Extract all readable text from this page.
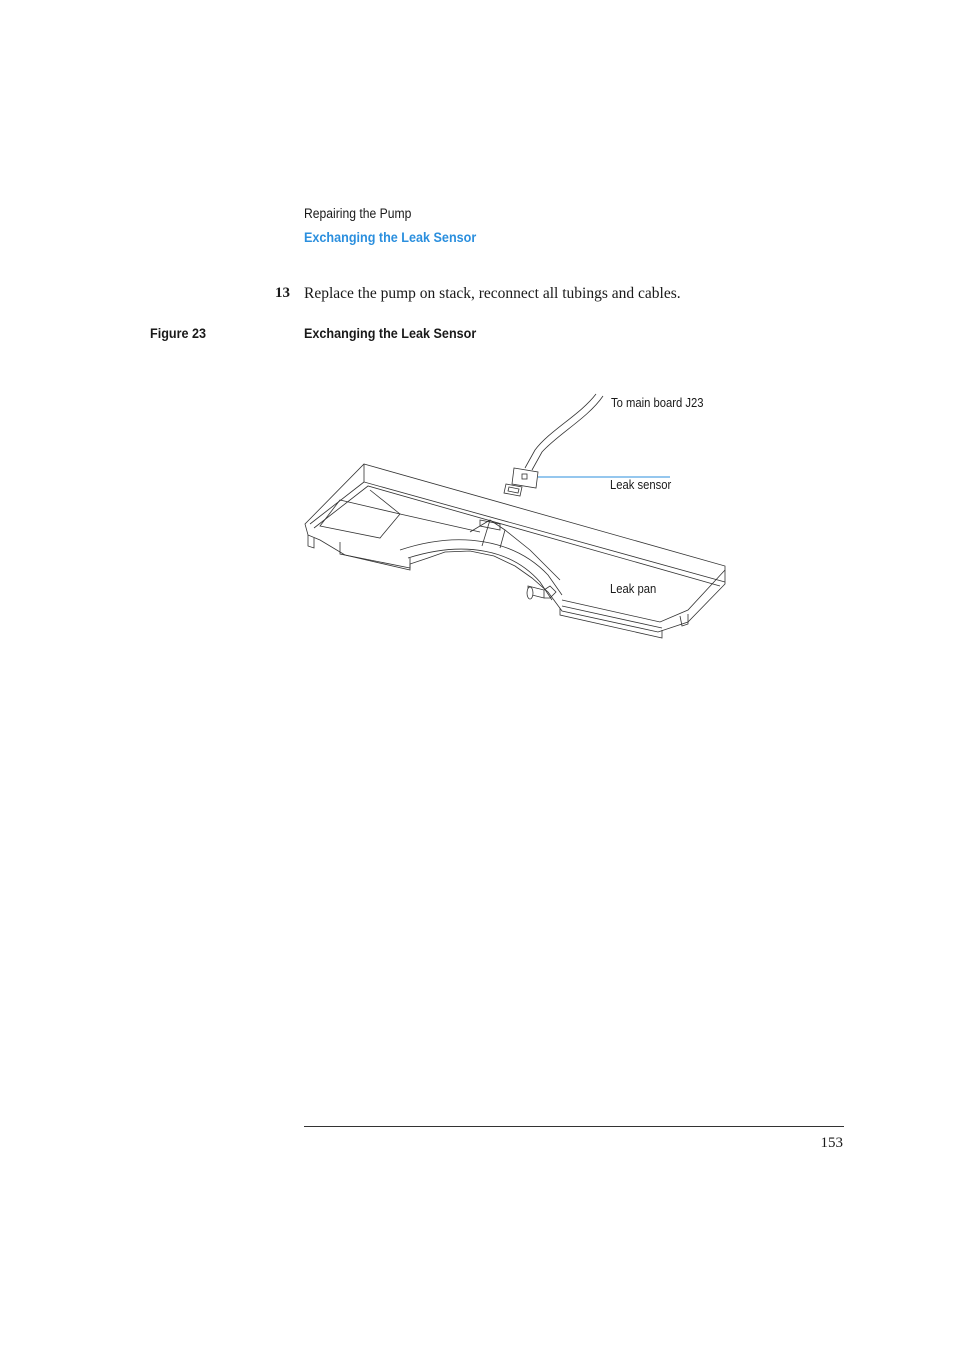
Repairing the Pump
Exchanging the Leak Sensor
13 Replace the pump on stack, reconnect all tubings and cables.
Figure 23	Exchanging the Leak Sensor
To main board J23
Leak sensor
Leak pan
153
